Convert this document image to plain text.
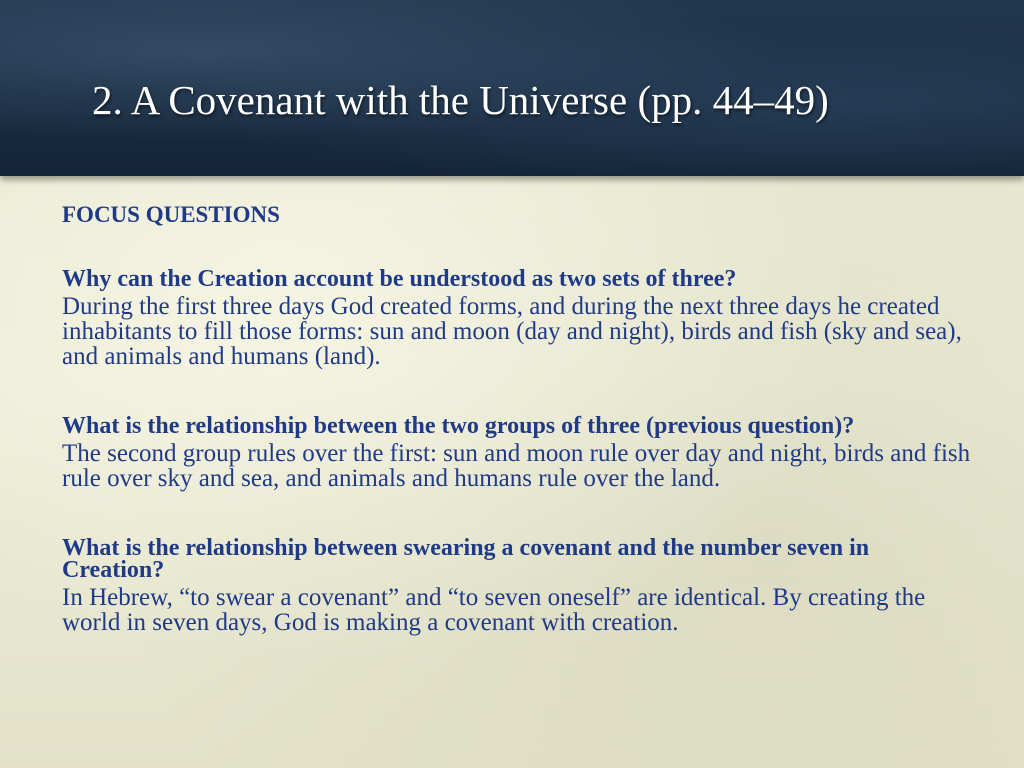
2. A Covenant with the Universe (pp. 44–49)
FOCUS QUESTIONS
Why can the Creation account be understood as two sets of three?
During the first three days God created forms, and during the next three days he created inhabitants to fill those forms: sun and moon (day and night), birds and fish (sky and sea), and animals and humans (land).
What is the relationship between the two groups of three (previous question)?
The second group rules over the first: sun and moon rule over day and night, birds and fish rule over sky and sea, and animals and humans rule over the land.
What is the relationship between swearing a covenant and the number seven in Creation?
In Hebrew, “to swear a covenant” and “to seven oneself” are identical. By creating the world in seven days, God is making a covenant with creation.
